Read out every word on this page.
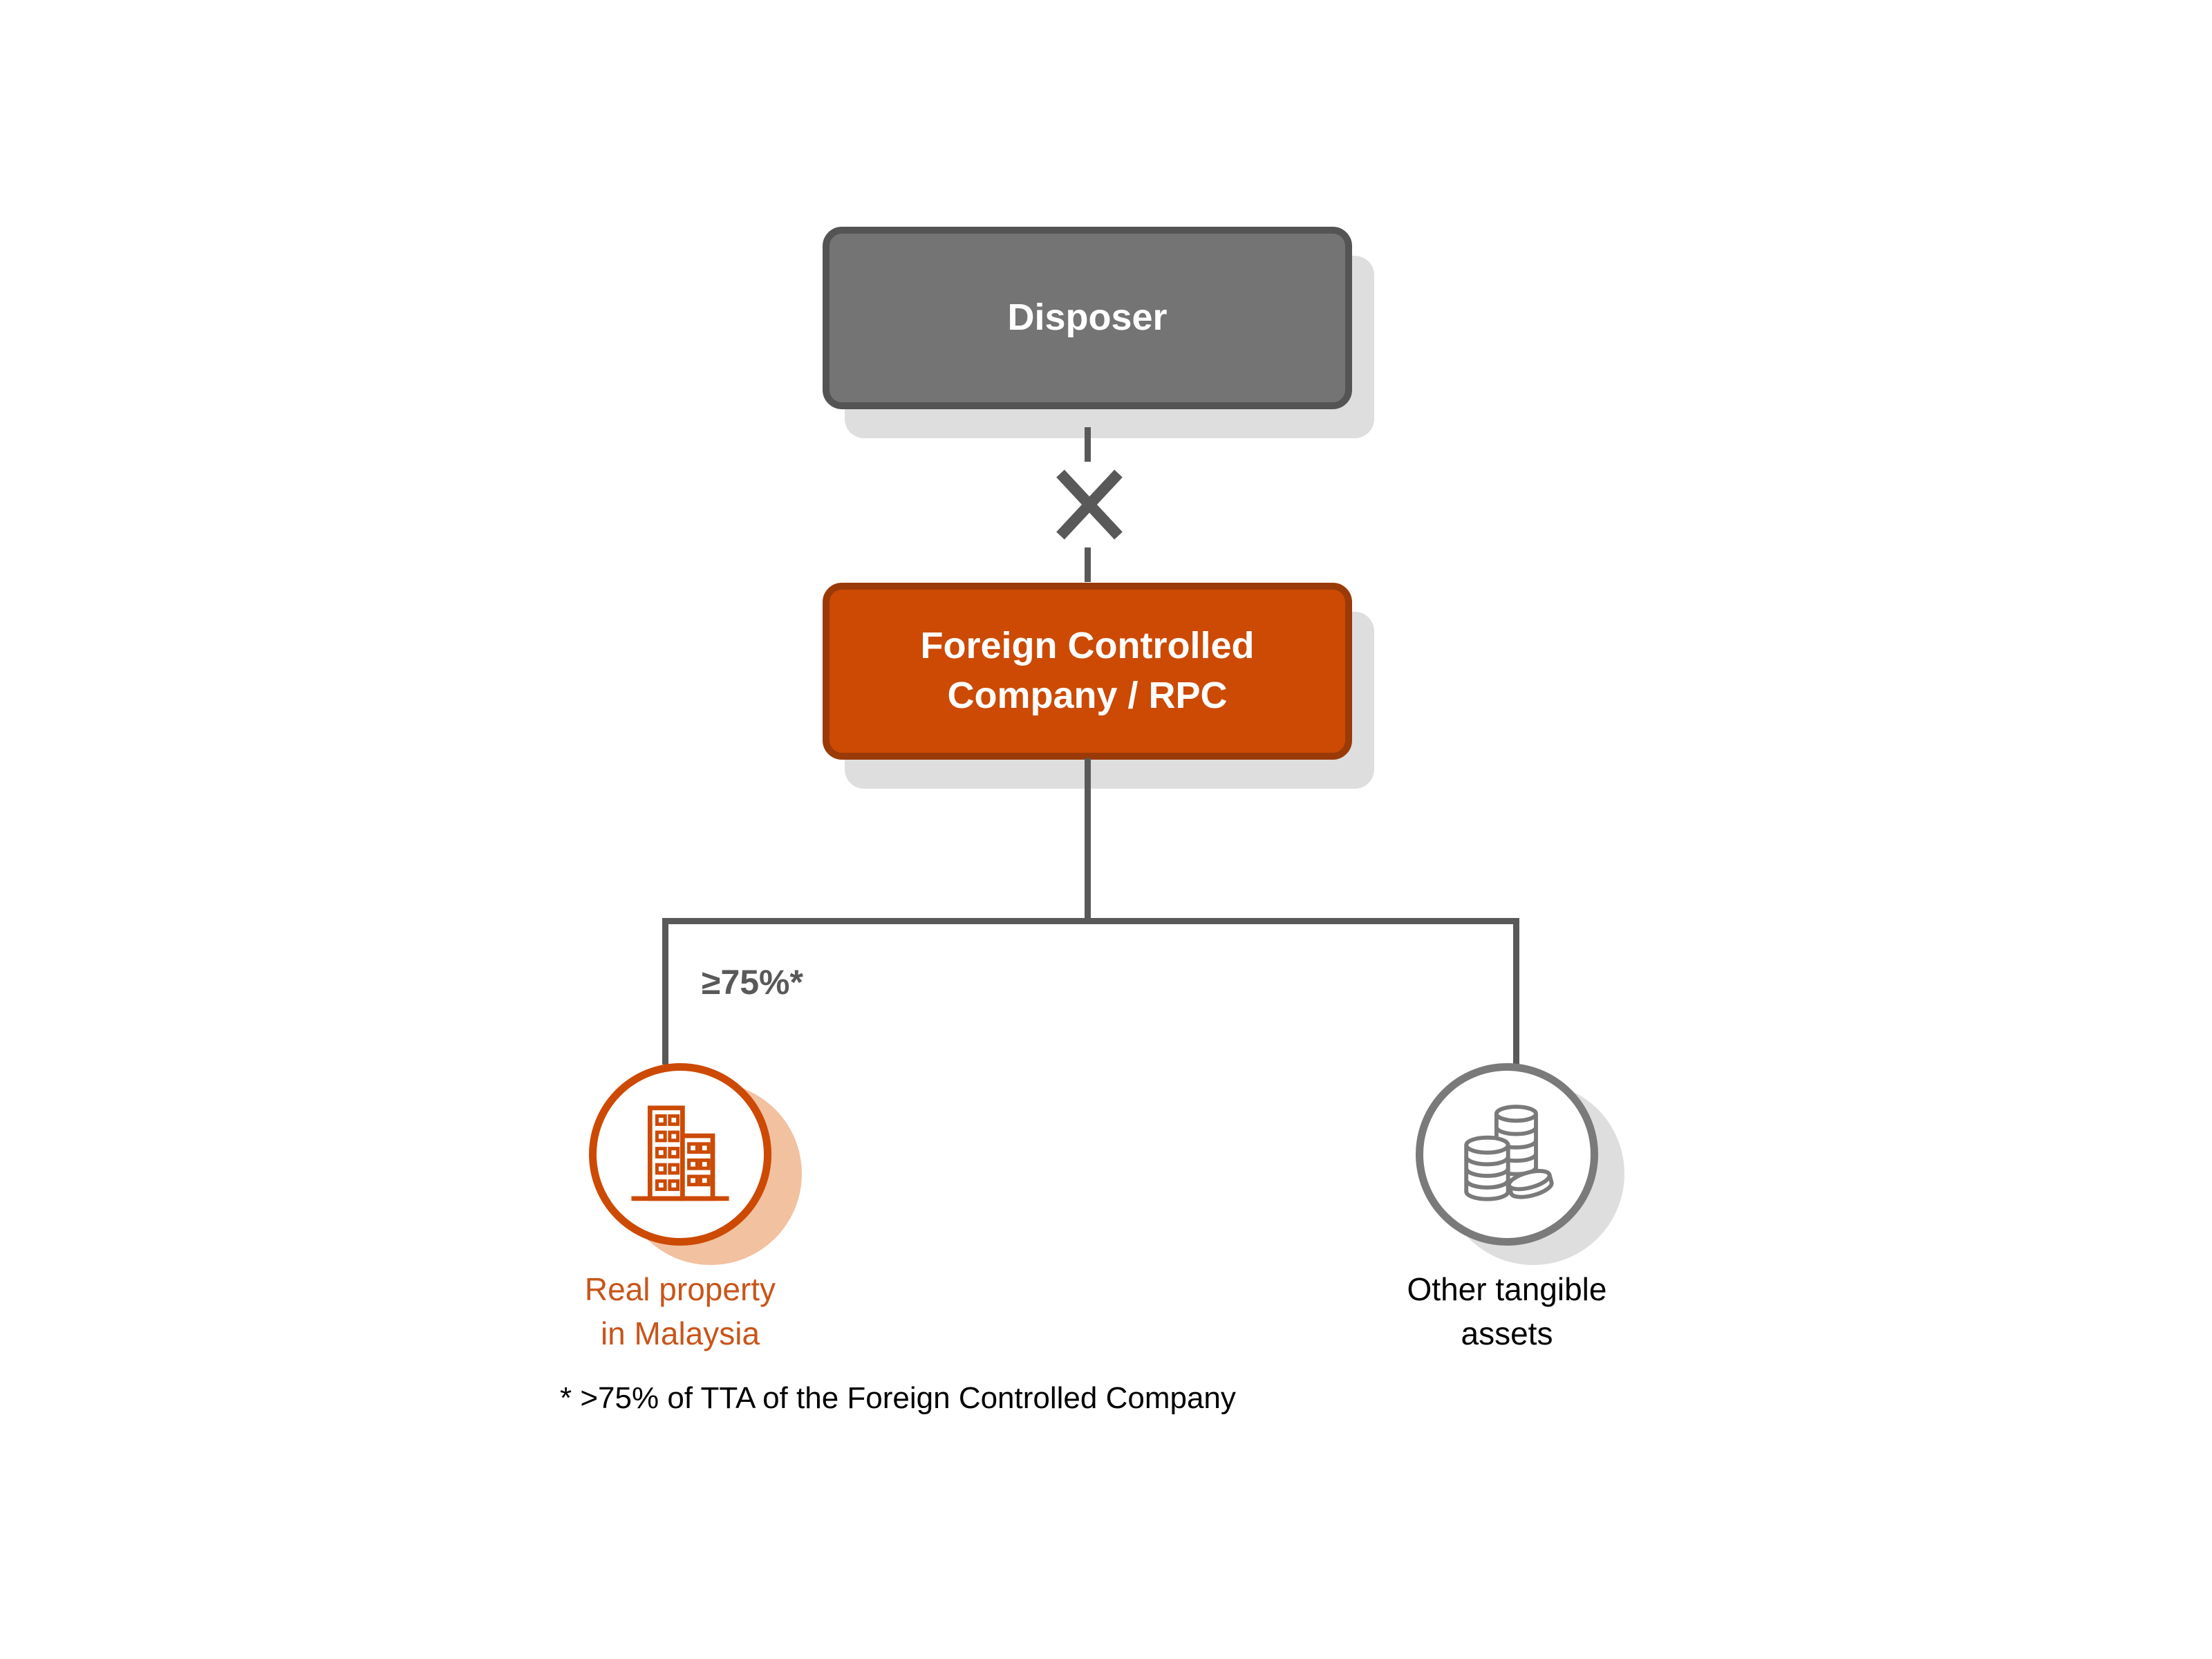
Disposer
Foreign Controlled
Company / RPC
≥75%*
Real property
in Malaysia
Other tangible
assets
* >75% of TTA of the Foreign Controlled Company
